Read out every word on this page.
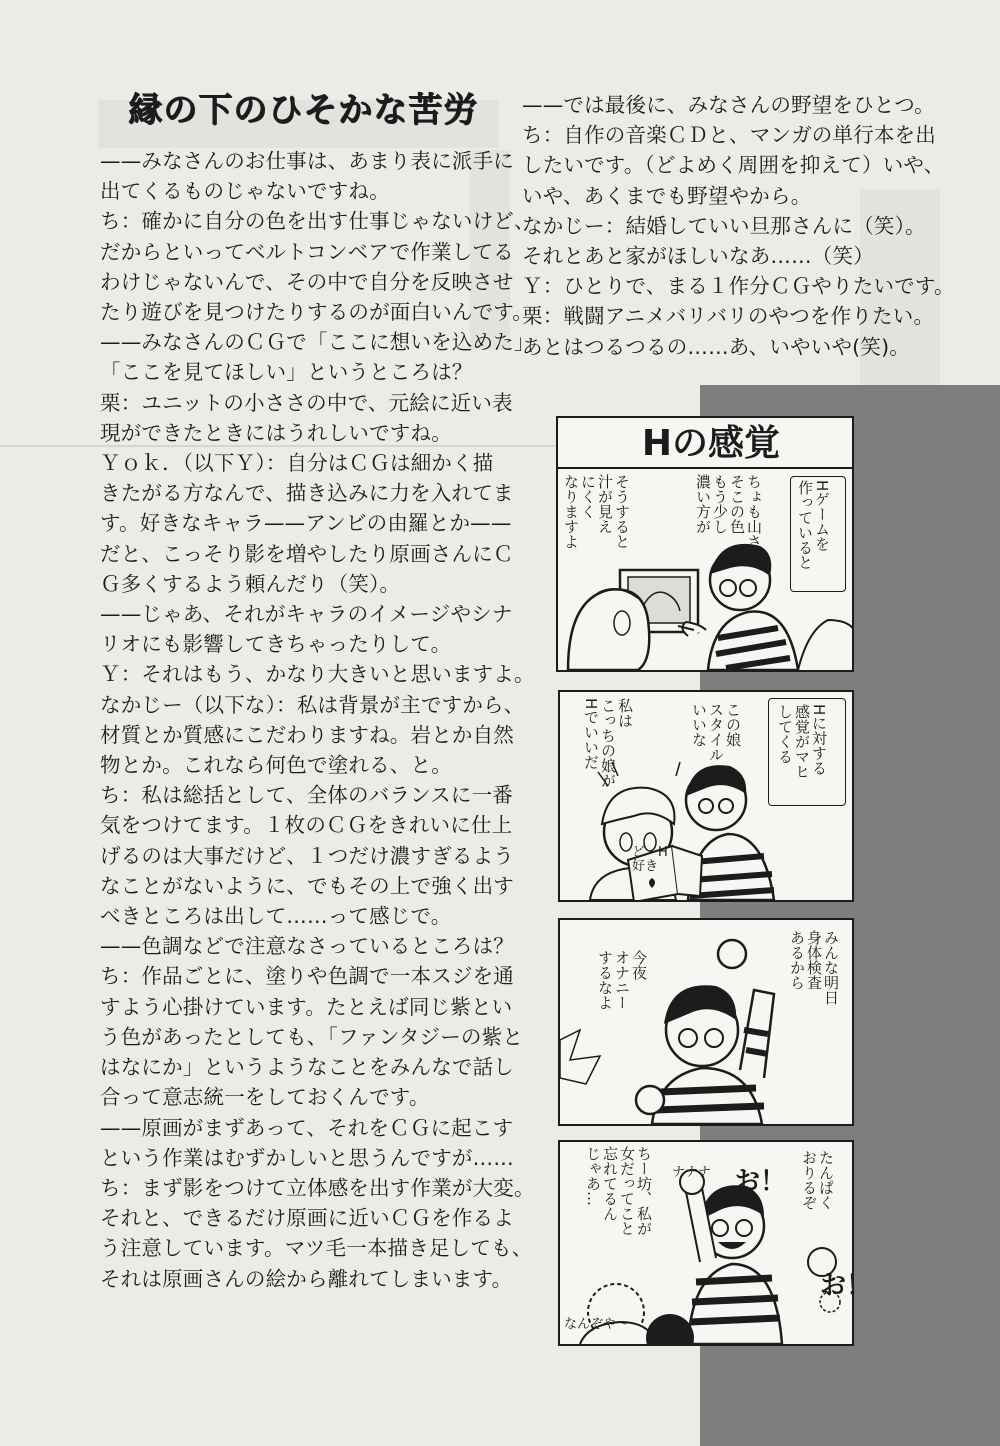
縁の下のひそかな苦労

——みなさんのお仕事は、あまり表に派手に

出てくるものじゃないですね。

ち：確かに自分の色を出す仕事じゃないけど、

だからといってベルトコンベアで作業してる

わけじゃないんで、その中で自分を反映させ

たり遊びを見つけたりするのが面白いんです。

——みなさんのＣＧで「ここに想いを込めた」

「ここを見てほしい」というところは？

栗：ユニットの小ささの中で、元絵に近い表

現ができたときにはうれしいですね。

Ｙｏｋ．（以下Ｙ）：自分はＣＧは細かく描

きたがる方なんで、描き込みに力を入れてま

す。好きなキャラ——アンビの由羅とか——

だと、こっそり影を増やしたり原画さんにＣ

Ｇ多くするよう頼んだり（笑）。

——じゃあ、それがキャラのイメージやシナ

リオにも影響してきちゃったりして。

Ｙ：それはもう、かなり大きいと思いますよ。

なかじー（以下な）：私は背景が主ですから、

材質とか質感にこだわりますね。岩とか自然

物とか。これなら何色で塗れる、と。

ち：私は総括として、全体のバランスに一番

気をつけてます。１枚のＣＧをきれいに仕上

げるのは大事だけど、１つだけ濃すぎるよう

なことがないように、でもその上で強く出す

べきところは出して……って感じで。

——色調などで注意なさっているところは？

ち：作品ごとに、塗りや色調で一本スジを通

すよう心掛けています。たとえば同じ紫とい

う色があったとしても、「ファンタジーの紫と

はなにか」というようなことをみんなで話し

合って意志統一をしておくんです。

——原画がまずあって、それをＣＧに起こす

という作業はむずかしいと思うんですが……

ち：まず影をつけて立体感を出す作業が大変。

それと、できるだけ原画に近いＣＧを作るよ

う注意しています。マツ毛一本描き足しても、

それは原画さんの絵から離れてしまいます。

——では最後に、みなさんの野望をひとつ。

ち：自作の音楽ＣＤと、マンガの単行本を出

したいです。（どよめく周囲を抑えて）いや、

いや、あくまでも野望やから。

なかじー：結婚していい旦那さんに（笑）。

それとあと家がほしいなあ……（笑）

Ｙ：ひとりで、まる１作分ＣＧやりたいです。

栗：戦闘アニメバリバリのやつを作りたい。

あとはつるつるの……あ、いやいや(笑)。

Hの感覚
Hゲームを
作っていると
ちょも山さん
そこの色
もう少し
濃い方が
そうすると
汁が見え
にくく
なりますよ
Hに対する
感覚がマヒ
してくる
この娘
スタイル
いいな
私は
こっちの娘が
Hでいいだ
ど・H
好き
みんな明日
身体検査
あるから
今夜
オナニー
するなよ
たんぱく
おりるぞ
ちー坊、私が
女だってこと
忘れてるん
じゃあ…	お！
お！
ナナナ
なんぞや〜
